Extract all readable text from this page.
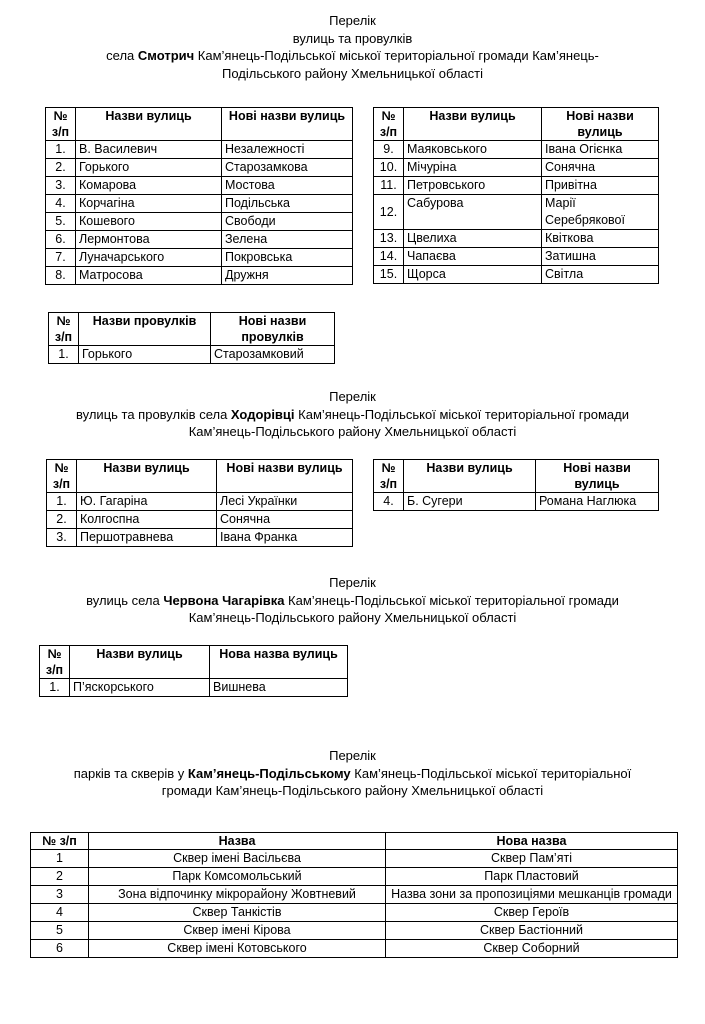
Перелік

вулиць та провулків

села Смотрич Кам’янець-Подільської міської територіальної громади Кам’янець-

Подільського району Хмельницької області

№ з/п	Назви вулиць	Нові назви вулиць
1.	В. Василевич	Незалежності
2.	Горького	Старозамкова
3.	Комарова	Мостова
4.	Корчагіна	Подільська
5.	Кошевого	Свободи
6.	Лермонтова	Зелена
7.	Луначарського	Покровська
8.	Матросова	Дружня
№ з/п	Назви вулиць	Нові назви вулиць
9.	Маяковського	Івана Огієнка
10.	Мічуріна	Сонячна
11.	Петровського	Привітна
12.	Сабурова	Марії Серебрякової
13.	Цвелиха	Квіткова
14.	Чапаєва	Затишна
15.	Щорса	Світла
№ з/п	Назви провулків	Нові назви провулків
1.	Горького	Старозамковий

Перелік

вулиць та провулків села Ходорівці Кам’янець-Подільської міської територіальної громади

Кам’янець-Подільського району Хмельницької області

№ з/п	Назви вулиць	Нові назви вулиць
1.	Ю. Гагаріна	Лесі Українки
2.	Колгоспна	Сонячна
3.	Першотравнева	Івана Франка
№ з/п	Назви вулиць	Нові назви вулиць
4.	Б. Сугери	Романа Наглюка

Перелік

вулиць села Червона Чагарівка Кам’янець-Подільської міської територіальної громади

Кам’янець-Подільського району Хмельницької області

№ з/п	Назви вулиць	Нова назва вулиць
1.	П’яскорського	Вишнева

Перелік

парків та скверів у Кам’янець-Подільському Кам’янець-Подільської міської територіальної

громади Кам’янець-Подільського району Хмельницької області

№ з/п	Назва	Нова назва
1	Сквер імені Васільєва	Сквер Пам’яті
2	Парк Комсомольський	Парк Пластовий
3	Зона відпочинку мікрорайону Жовтневий	Назва зони за пропозиціями мешканців громади
4	Сквер Танкістів	Сквер Героїв
5	Сквер імені Кірова	Сквер Бастіонний
6	Сквер імені Котовського	Сквер Соборний
